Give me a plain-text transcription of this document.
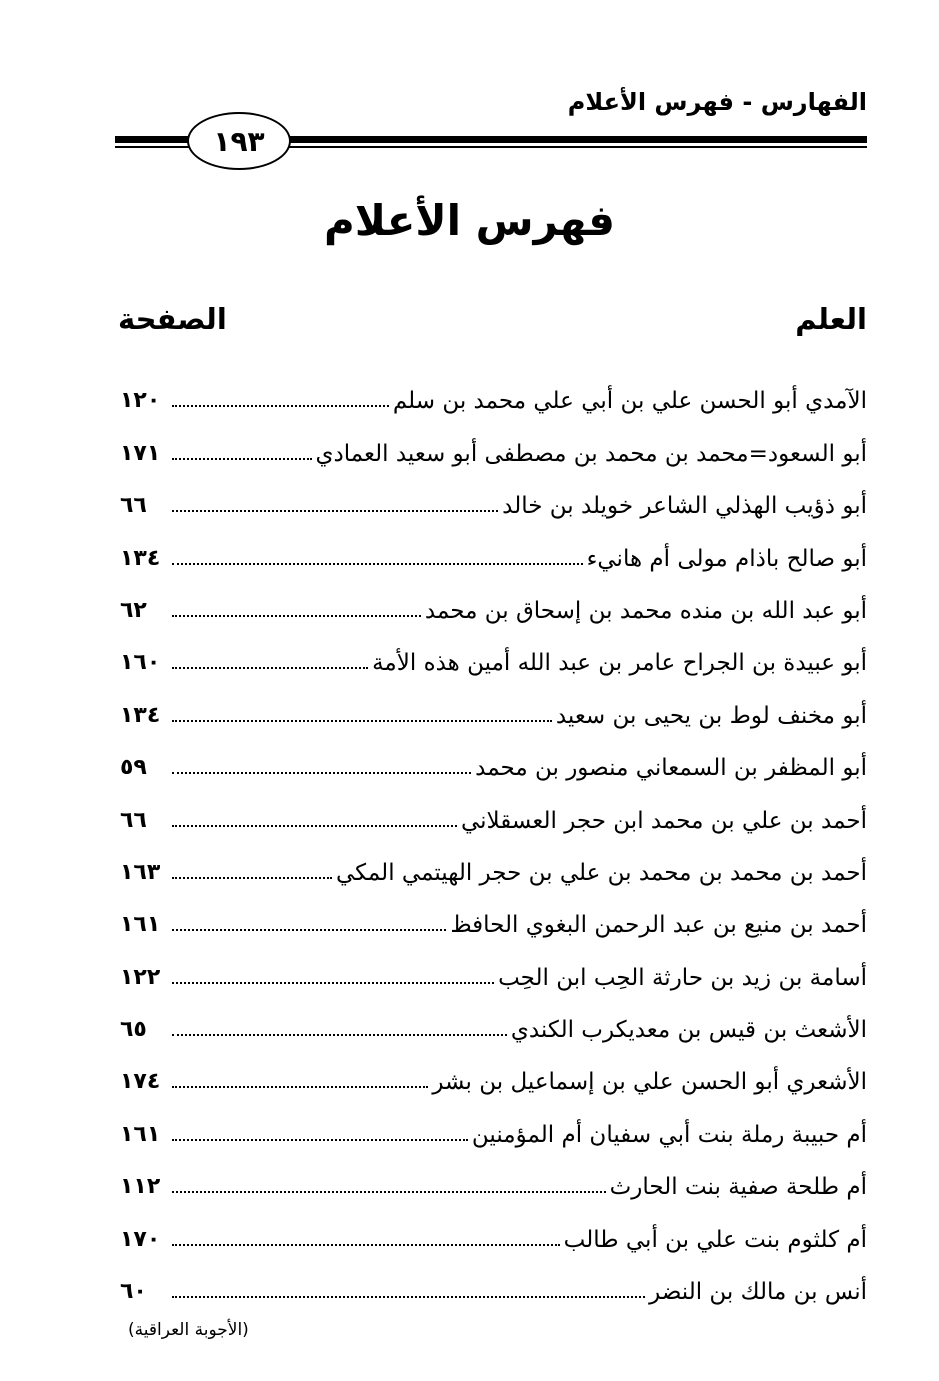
الفهارس - فهرس الأعلام
١٩٣
فهرس الأعلام
العلم
الصفحة
الآمدي أبو الحسن علي بن أبي علي محمد بن سلم
١٢٠
أبو السعود=محمد بن محمد بن مصطفى أبو سعيد العمادي
١٧١
أبو ذؤيب الهذلي الشاعر خويلد بن خالد
٦٦
أبو صالح باذام مولى أم هانيء
١٣٤
أبو عبد الله بن منده محمد بن إسحاق بن محمد
٦٢
أبو عبيدة بن الجراح عامر بن عبد الله أمين هذه الأمة
١٦٠
أبو مخنف لوط بن يحيى بن سعيد
١٣٤
أبو المظفر بن السمعاني منصور بن محمد
٥٩
أحمد بن علي بن محمد ابن حجر العسقلاني
٦٦
أحمد بن محمد بن محمد بن علي بن حجر الهيتمي المكي
١٦٣
أحمد بن منيع بن عبد الرحمن البغوي الحافظ
١٦١
أسامة بن زيد بن حارثة الحِب ابن الحِب
١٢٢
الأشعث بن قيس بن معديكرب الكندي
٦٥
الأشعري أبو الحسن علي بن إسماعيل بن بشر
١٧٤
أم حبيبة رملة بنت أبي سفيان أم المؤمنين
١٦١
أم طلحة صفية بنت الحارث
١١٢
أم كلثوم بنت علي بن أبي طالب
١٧٠
أنس بن مالك بن النضر
٦٠
(الأجوبة العراقية)
